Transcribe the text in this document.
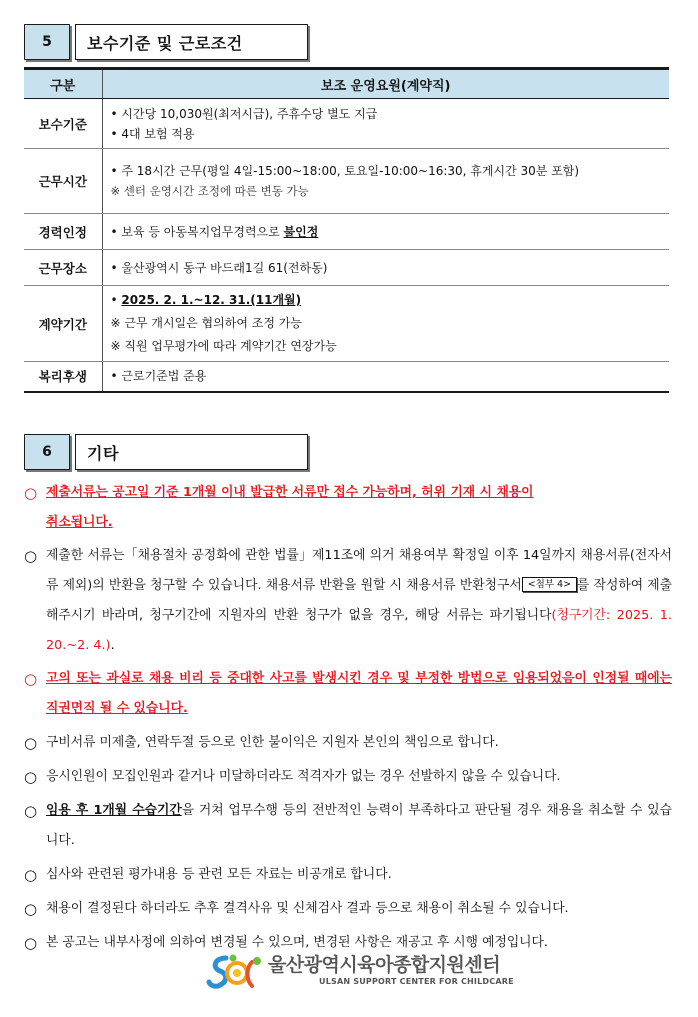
5	보수기준 및 근로조건
구분	보조 운영요원(계약직)
보수기준	• 시간당 10,030원(최저시급), 주휴수당 별도 지급
• 4대 보험 적용

근무시간	• 주 18시간 근무(평일 4일-15:00~18:00, 토요일-10:00~16:30, 휴게시간 30분 포함)
※ 센터 운영시간 조정에 따른 변동 가능

경력인정	• 보육 등 아동복지업무경력으로 불인정
근무장소	• 울산광역시 동구 바드래1길 61(전하동)
계약기간	• 2025. 2. 1.~12. 31.(11개월)
※ 근무 개시일은 협의하여 조정 가능
※ 직원 업무평가에 따라 계약기간 연장가능

복리후생	• 근로기준법 준용
6	기타
○ 제출서류는 공고일 기준 1개월 이내 발급한 서류만 접수 가능하며, 허위 기재 시 채용이
취소됩니다.
○ 제출한 서류는「채용절차 공정화에 관한 법률」제11조에 의거 채용여부 확정일 이후 14일까지 채용서류(전자서류 제외)의 반환을 청구할 수 있습니다. 채용서류 반환을 원할 시 채용서류 반환청구서 <첨부 4> 를 작성하여 제출해주시기 바라며, 청구기간에 지원자의 반환 청구가 없을 경우, 해당 서류는 파기됩니다(청구기간: 2025. 1. 20.~2. 4.).
○ 고의 또는 과실로 채용 비리 등 중대한 사고를 발생시킨 경우 및 부정한 방법으로 임용되었음이 인정될 때에는 직권면직 될 수 있습니다.
○ 구비서류 미제출, 연락두절 등으로 인한 불이익은 지원자 본인의 책임으로 합니다.
○ 응시인원이 모집인원과 같거나 미달하더라도 적격자가 없는 경우 선발하지 않을 수 있습니다.
○ 임용 후 1개월 수습기간을 거쳐 업무수행 등의 전반적인 능력이 부족하다고 판단될 경우 채용을 취소할 수 있습니다.
○ 심사와 관련된 평가내용 등 관련 모든 자료는 비공개로 합니다.
○ 채용이 결정된다 하더라도 추후 결격사유 및 신체검사 결과 등으로 채용이 취소될 수 있습니다.
○ 본 공고는 내부사정에 의하여 변경될 수 있으며, 변경된 사항은 재공고 후 시행 예정입니다.
울산광역시육아종합지원센터
ULSAN SUPPORT CENTER FOR CHILDCARE
